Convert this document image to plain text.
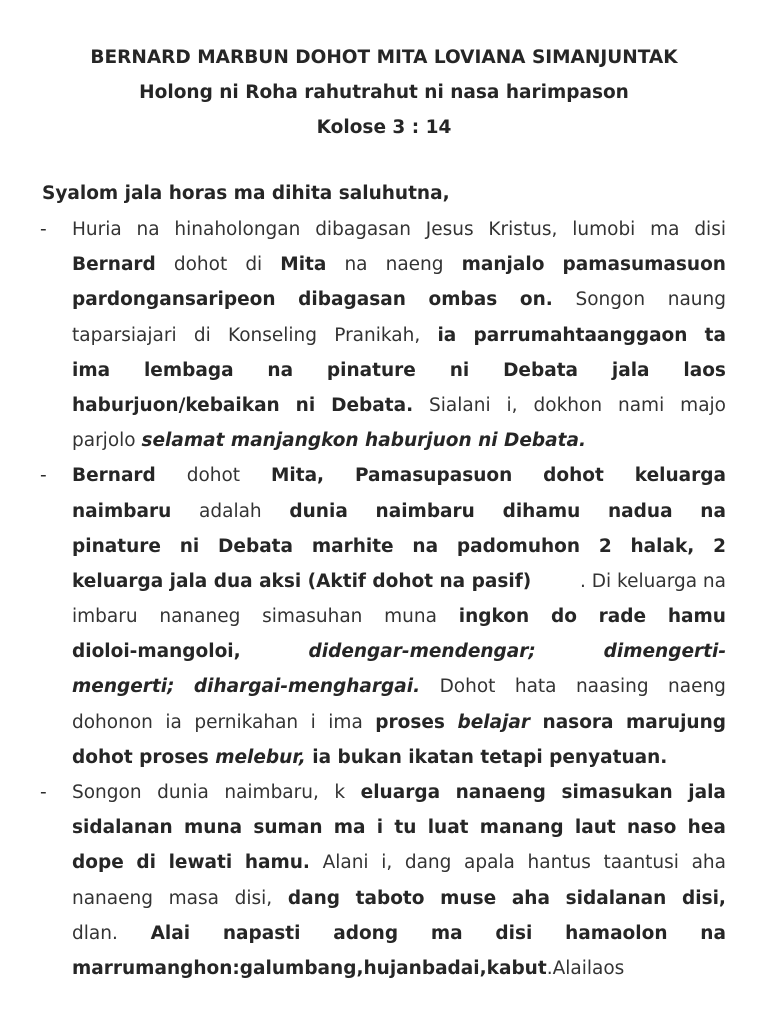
BERNARD MARBUN DOHOT MITA LOVIANA SIMANJUNTAK
Holong ni Roha rahutrahut ni nasa harimpason
Kolose 3 : 14
Syalom jala horas ma dihita saluhutna,
- Huria na hinaholongan dibagasan Jesus Kristus, lumobi ma disi
Bernard dohot di Mita na naeng manjalo pamasumasuon
pardongansaripeon dibagasan ombas on. Songon naung
taparsiajari di Konseling Pranikah, ia parrumahtaanggaon ta
ima lembaga na pinature ni Debata jala laos
haburjuon/kebaikan ni Debata. Sialani i, dokhon nami majo
parjolo selamat manjangkon haburjuon ni Debata.
- Bernard dohot Mita, Pamasupasuon dohot keluarga
naimbaru adalah dunia naimbaru dihamu nadua na
pinature ni Debata marhite na padomuhon 2 halak, 2
keluarga jala dua aksi (Aktif dohot na pasif)	. Di keluarga na
imbaru nananeg simasuhan muna ingkon do rade hamu
dioloi-mangoloi,	didengar-mendengar;	dimengerti-
mengerti; dihargai-menghargai. Dohot hata naasing naeng
dohonon ia pernikahan i ima proses belajar nasora marujung
dohot proses melebur, ia bukan ikatan tetapi penyatuan.
- Songon dunia naimbaru, k eluarga nanaeng simasukan jala
sidalanan muna suman ma i tu luat manang laut naso hea
dope di lewati hamu. Alani i, dang apala hantus taantusi aha
nanaeng masa disi, dang taboto muse aha sidalanan disi,
dlan. Alai napasti adong ma disi hamaolon na
marrumanghon:galumbang, hujan badai, kabut . Alai laos
